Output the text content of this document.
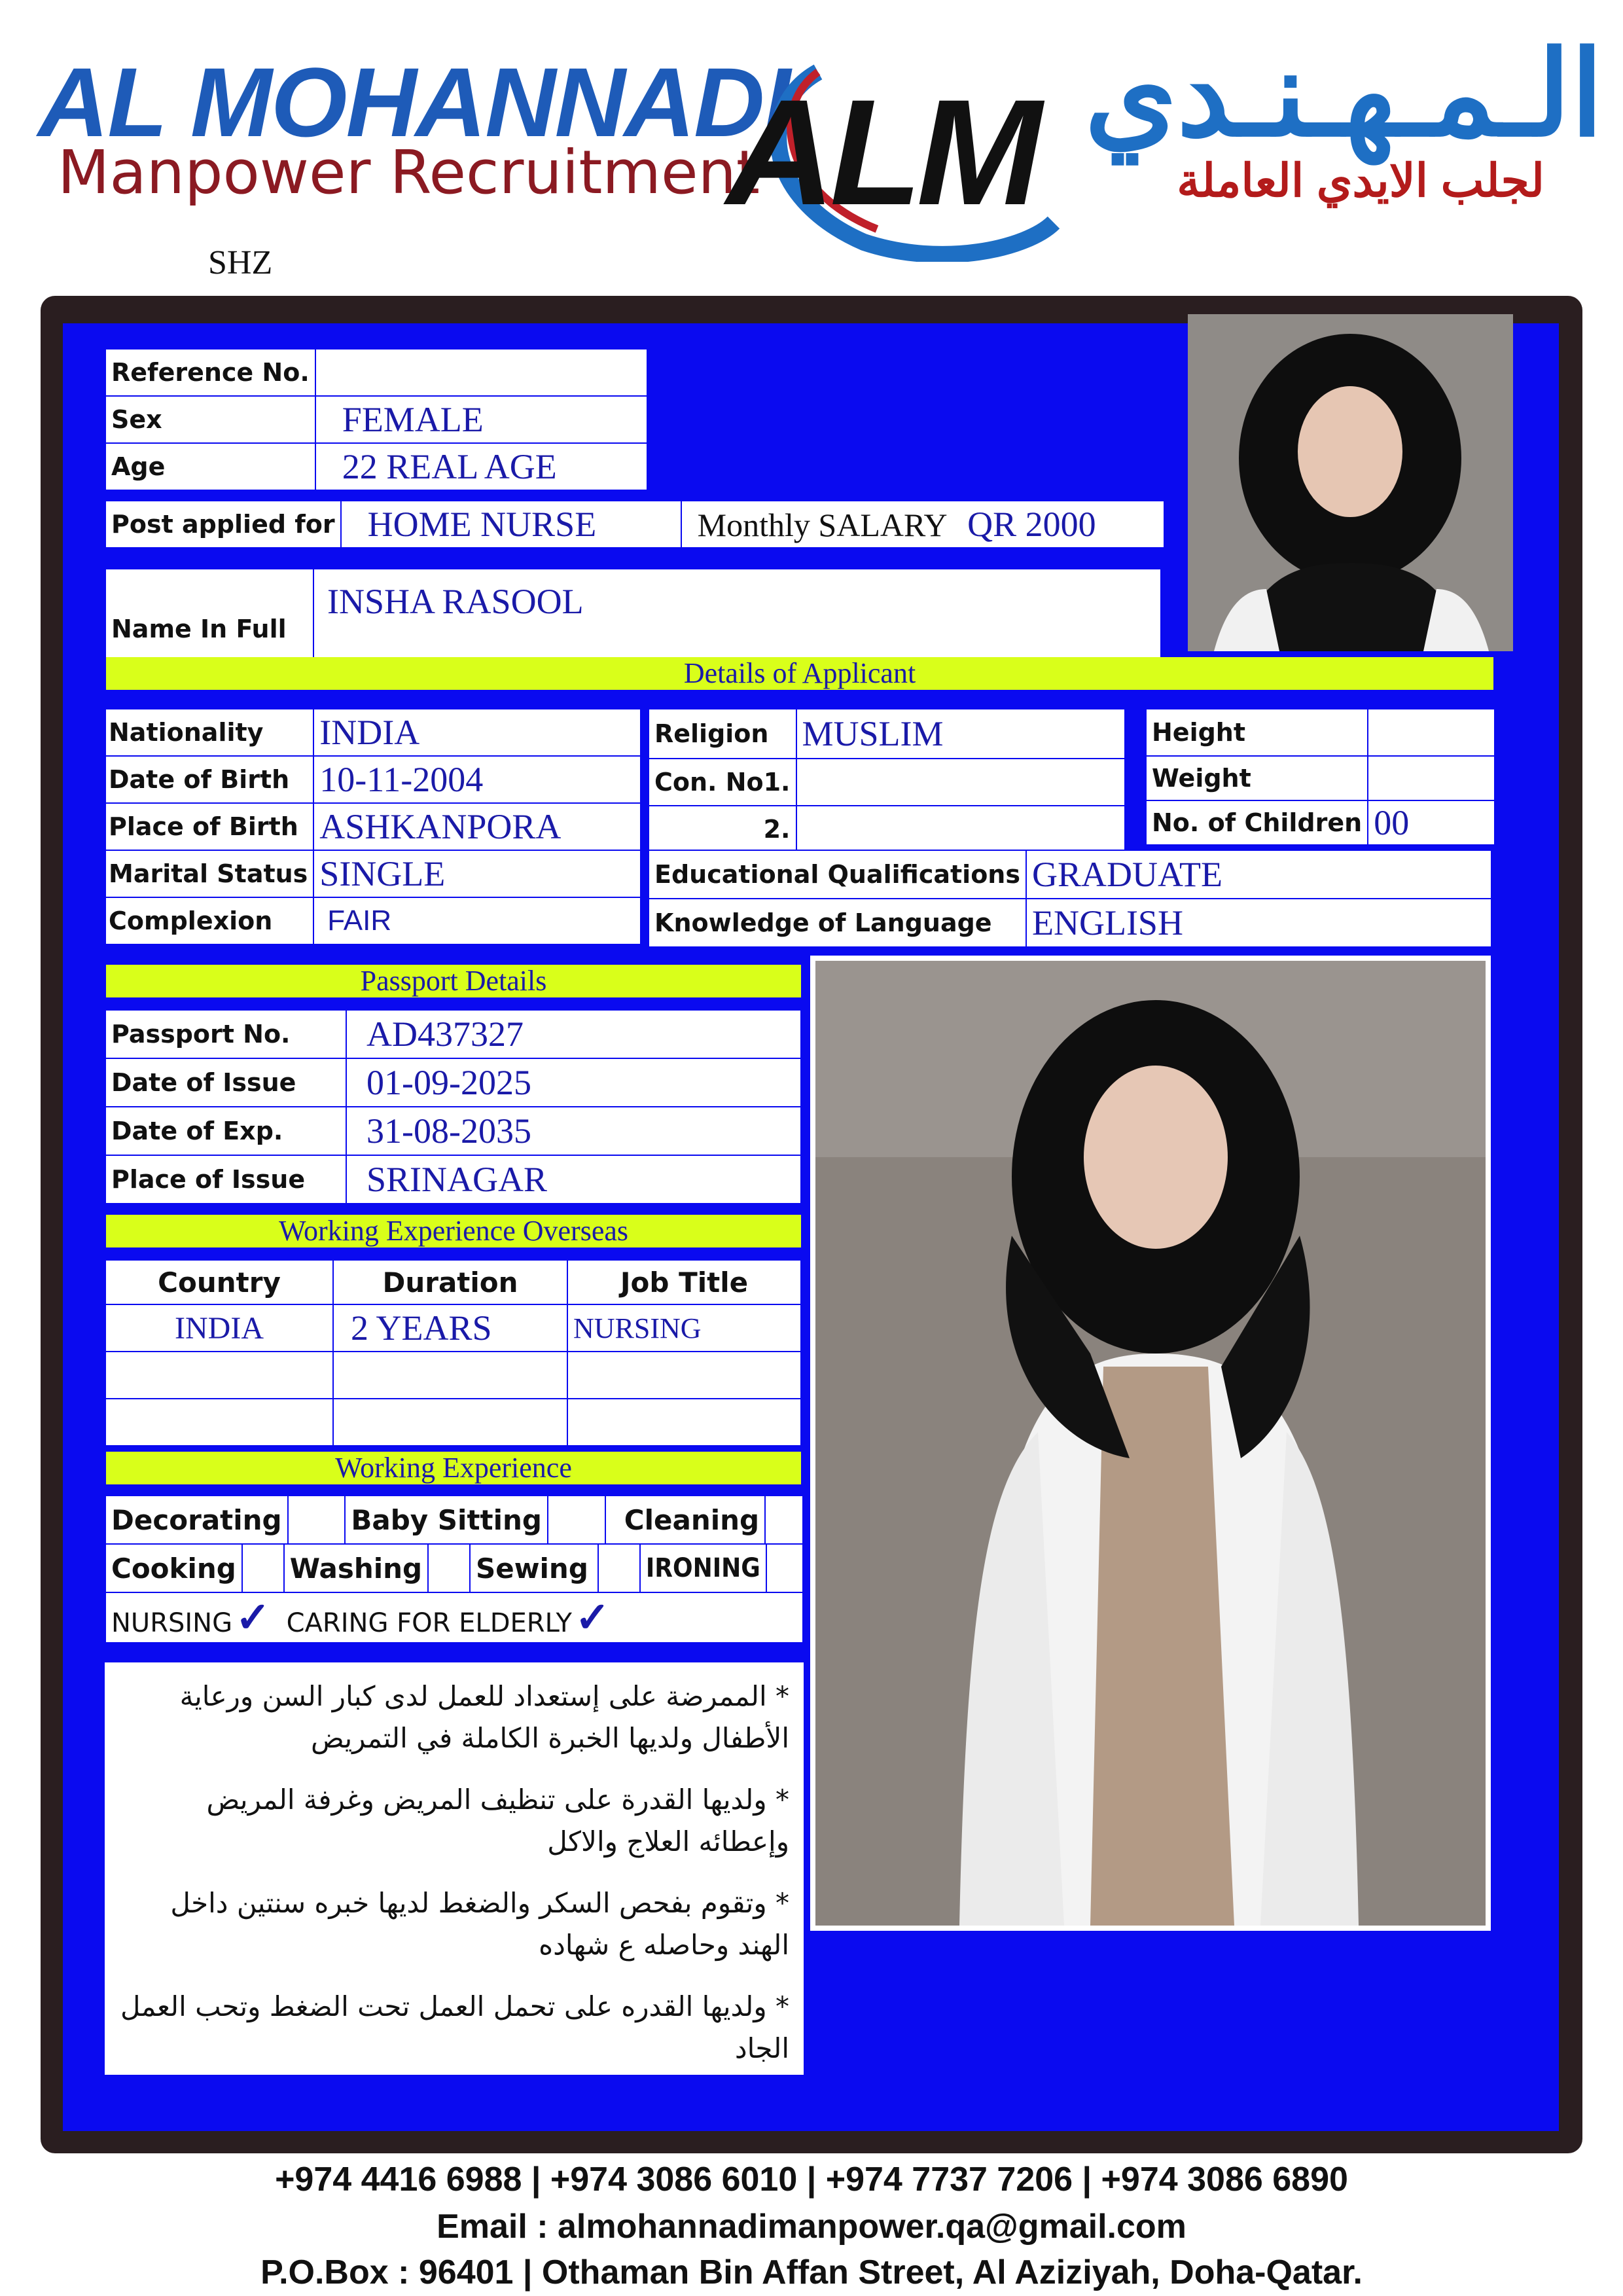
AL MOHANNADI
Manpower Recruitment
ALM الـمـهـنـدي
لجلب الايدي العاملة
SHZ
Reference No.	
Sex	FEMALE
Age	22 REAL AGE
Post applied for	HOME NURSE	Monthly SALARY QR 2000
Name In Full	INSHA RASOOL
Details of Applicant
Nationality	INDIA
Date of Birth	10-11-2004
Place of Birth	ASHKANPORA
Marital Status	SINGLE
Complexion	FAIR
Religion	MUSLIM
Con. No1.	
2.	
Height	
Weight	
No. of Children	00
Educational Qualifications	GRADUATE
Knowledge of Language	ENGLISH
Passport Details
Passport No.	AD437327
Date of Issue	01-09-2025
Date of Exp.	31-08-2035
Place of Issue	SRINAGAR
Working Experience Overseas
Country	Duration	Job Title
INDIA	2 YEARS	NURSING

Working Experience
Decorating		Baby Sitting		Cleaning	
Cooking		Washing		Sewing		IRONING	
NURSING ✓ CARING FOR ELDERLY ✓
* الممرضة على إستعداد للعمل لدى كبار السن ورعاية الأطفال ولديها الخبرة الكاملة في التمريض
* ولديها القدرة على تنظيف المريض وغرفة المريض وإعطائه العلاج والاكل
* وتقوم بفحص السكر والضغط لديها خبره سنتين داخل الهند وحاصله ع شهاده
* ولديها القدره على تحمل العمل تحت الضغط وتحب العمل الجاد
+974 4416 6988 | +974 3086 6010 | +974 7737 7206 | +974 3086 6890
Email : almohannadimanpower.qa@gmail.com
P.O.Box : 96401 | Othaman Bin Affan Street, Al Aziziyah, Doha-Qatar.
